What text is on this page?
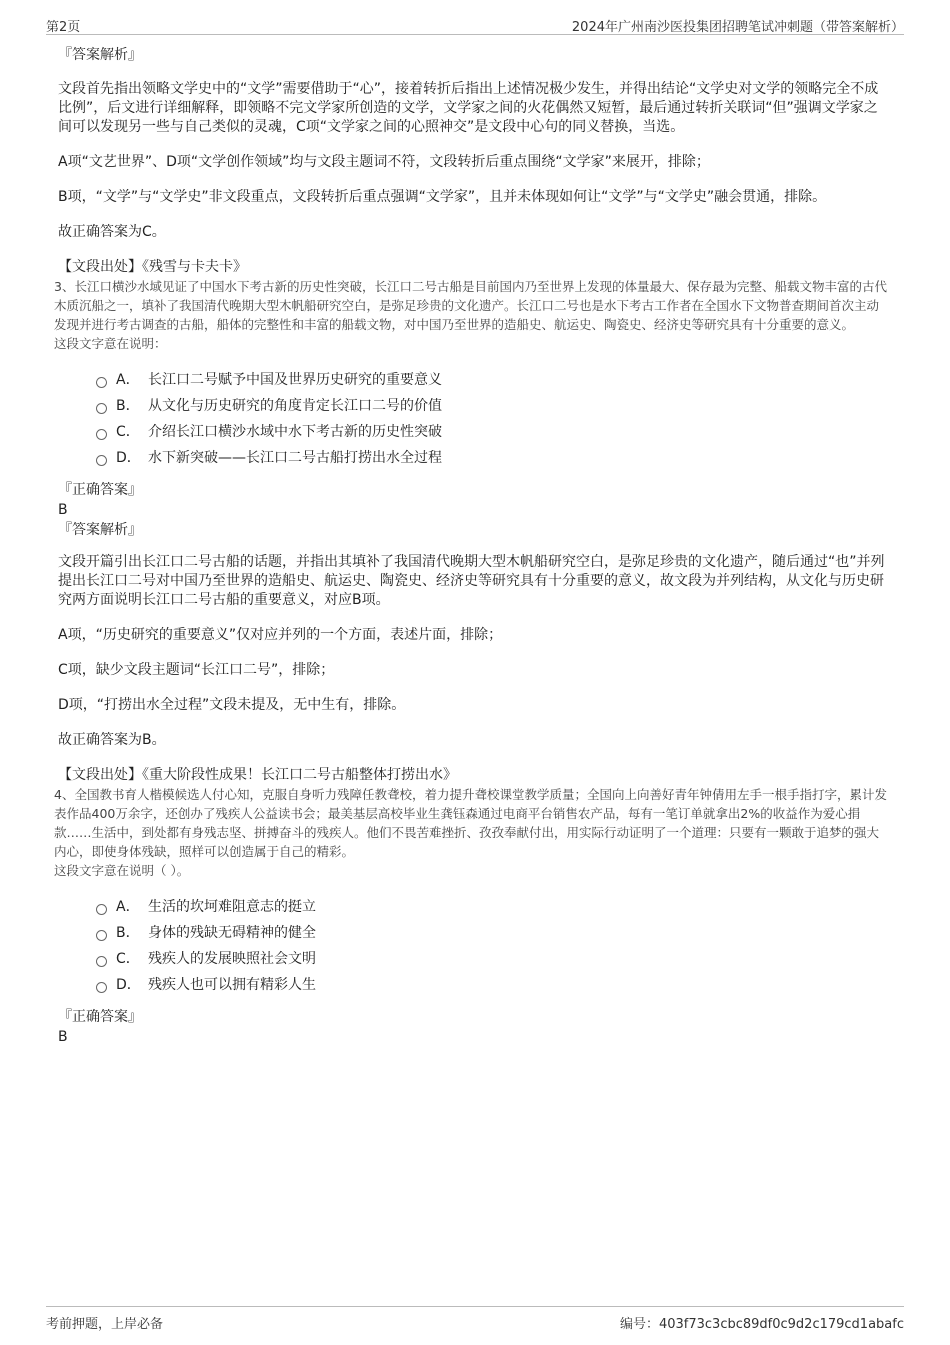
第2页	2024年广州南沙医投集团招聘笔试冲刺题（带答案解析）

『答案解析』

文段首先指出领略文学史中的“文学”需要借助于“心”，接着转折后指出上述情况极少发生，并得出结论“文学史对文学的领略完全不成比例”，后文进行详细解释，即领略不完文学家所创造的文学，文学家之间的火花偶然又短暂，最后通过转折关联词“但”强调文学家之间可以发现另一些与自己类似的灵魂，C项“文学家之间的心照神交”是文段中心句的同义替换，当选。

A项“文艺世界”、D项“文学创作领域”均与文段主题词不符，文段转折后重点围绕“文学家”来展开，排除；

B项，“文学”与“文学史”非文段重点，文段转折后重点强调“文学家”，且并未体现如何让“文学”与“文学史”融会贯通，排除。

故正确答案为C。

【文段出处】《残雪与卡夫卡》

3、长江口横沙水域见证了中国水下考古新的历史性突破，长江口二号古船是目前国内乃至世界上发现的体量最大、保存最为完整、船载文物丰富的古代木质沉船之一，填补了我国清代晚期大型木帆船研究空白，是弥足珍贵的文化遗产。长江口二号也是水下考古工作者在全国水下文物普查期间首次主动发现并进行考古调查的古船，船体的完整性和丰富的船载文物，对中国乃至世界的造船史、航运史、陶瓷史、经济史等研究具有十分重要的意义。

这段文字意在说明：

A． 长江口二号赋予中国及世界历史研究的重要意义
B． 从文化与历史研究的角度肯定长江口二号的价值
C． 介绍长江口横沙水域中水下考古新的历史性突破
D． 水下新突破——长江口二号古船打捞出水全过程

『正确答案』

B

『答案解析』

文段开篇引出长江口二号古船的话题，并指出其填补了我国清代晚期大型木帆船研究空白，是弥足珍贵的文化遗产，随后通过“也”并列提出长江口二号对中国乃至世界的造船史、航运史、陶瓷史、经济史等研究具有十分重要的意义，故文段为并列结构，从文化与历史研究两方面说明长江口二号古船的重要意义，对应B项。

A项，“历史研究的重要意义”仅对应并列的一个方面，表述片面，排除；

C项，缺少文段主题词“长江口二号”，排除；

D项，“打捞出水全过程”文段未提及，无中生有，排除。

故正确答案为B。

【文段出处】《重大阶段性成果！长江口二号古船整体打捞出水》

4、全国教书育人楷模候选人付心知，克服自身听力残障任教聋校，着力提升聋校课堂教学质量；全国向上向善好青年钟倩用左手一根手指打字，累计发表作品400万余字，还创办了残疾人公益读书会；最美基层高校毕业生龚钰森通过电商平台销售农产品，每有一笔订单就拿出2%的收益作为爱心捐款……生活中，到处都有身残志坚、拼搏奋斗的残疾人。他们不畏苦难挫折、孜孜奉献付出，用实际行动证明了一个道理：只要有一颗敢于追梦的强大内心，即使身体残缺，照样可以创造属于自己的精彩。

这段文字意在说明（ ）。

A． 生活的坎坷难阻意志的挺立
B． 身体的残缺无碍精神的健全
C． 残疾人的发展映照社会文明
D． 残疾人也可以拥有精彩人生

『正确答案』

B

考前押题，上岸必备	编号：403f73c3cbc89df0c9d2c179cd1abafc
